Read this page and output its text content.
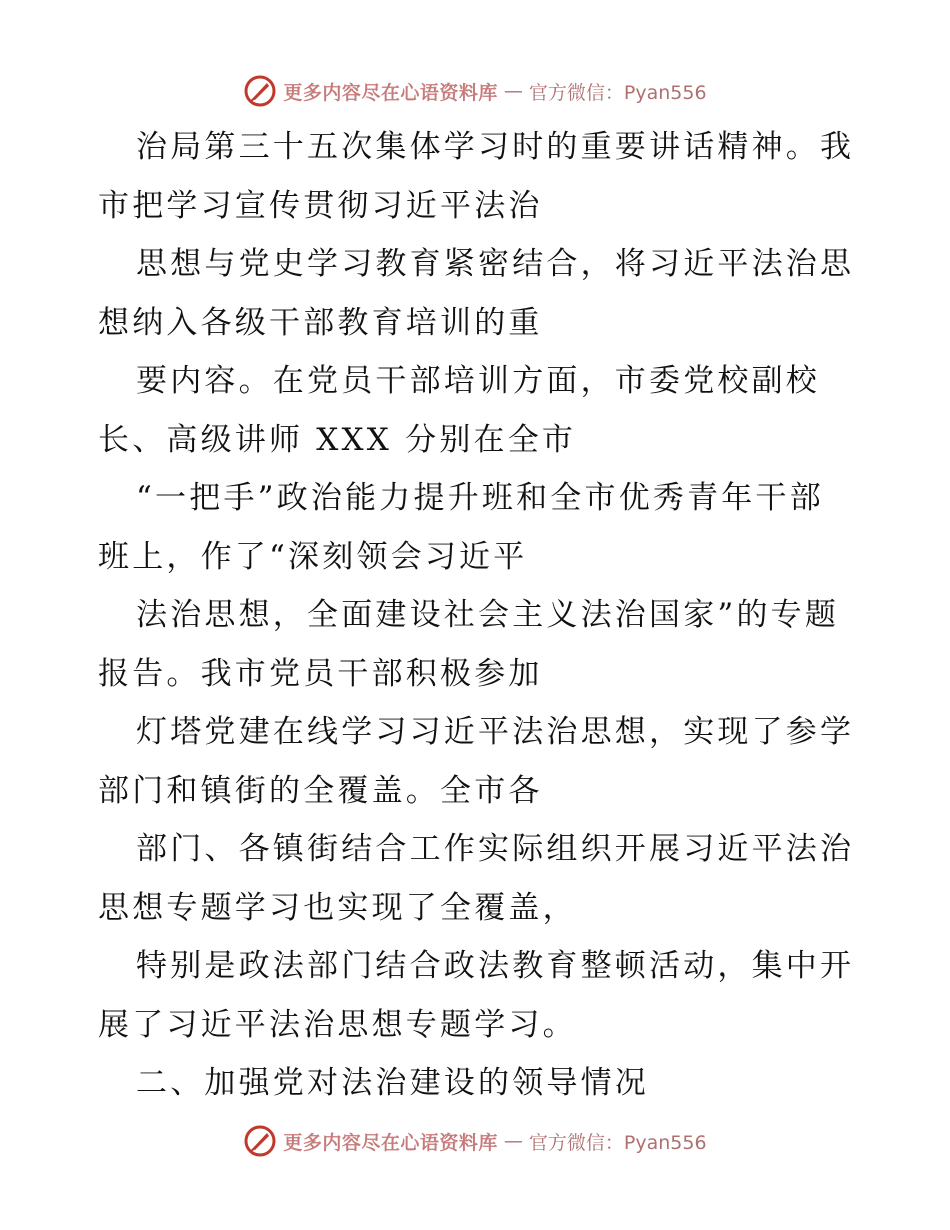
更多内容尽在心语资料库 — 官方微信：Pyan556
治局第三十五次集体学习时的重要讲话精神。我
市把学习宣传贯彻习近平法治
思想与党史学习教育紧密结合，将习近平法治思
想纳入各级干部教育培训的重
要内容。在党员干部培训方面，市委党校副校
长、高级讲师 XXX 分别在全市
“一把手”政治能力提升班和全市优秀青年干部
班上，作了“深刻领会习近平
法治思想，全面建设社会主义法治国家”的专题
报告。我市党员干部积极参加
灯塔党建在线学习习近平法治思想，实现了参学
部门和镇街的全覆盖。全市各
部门、各镇街结合工作实际组织开展习近平法治
思想专题学习也实现了全覆盖，
特别是政法部门结合政法教育整顿活动，集中开
展了习近平法治思想专题学习。
二、加强党对法治建设的领导情况
更多内容尽在心语资料库 — 官方微信：Pyan556
